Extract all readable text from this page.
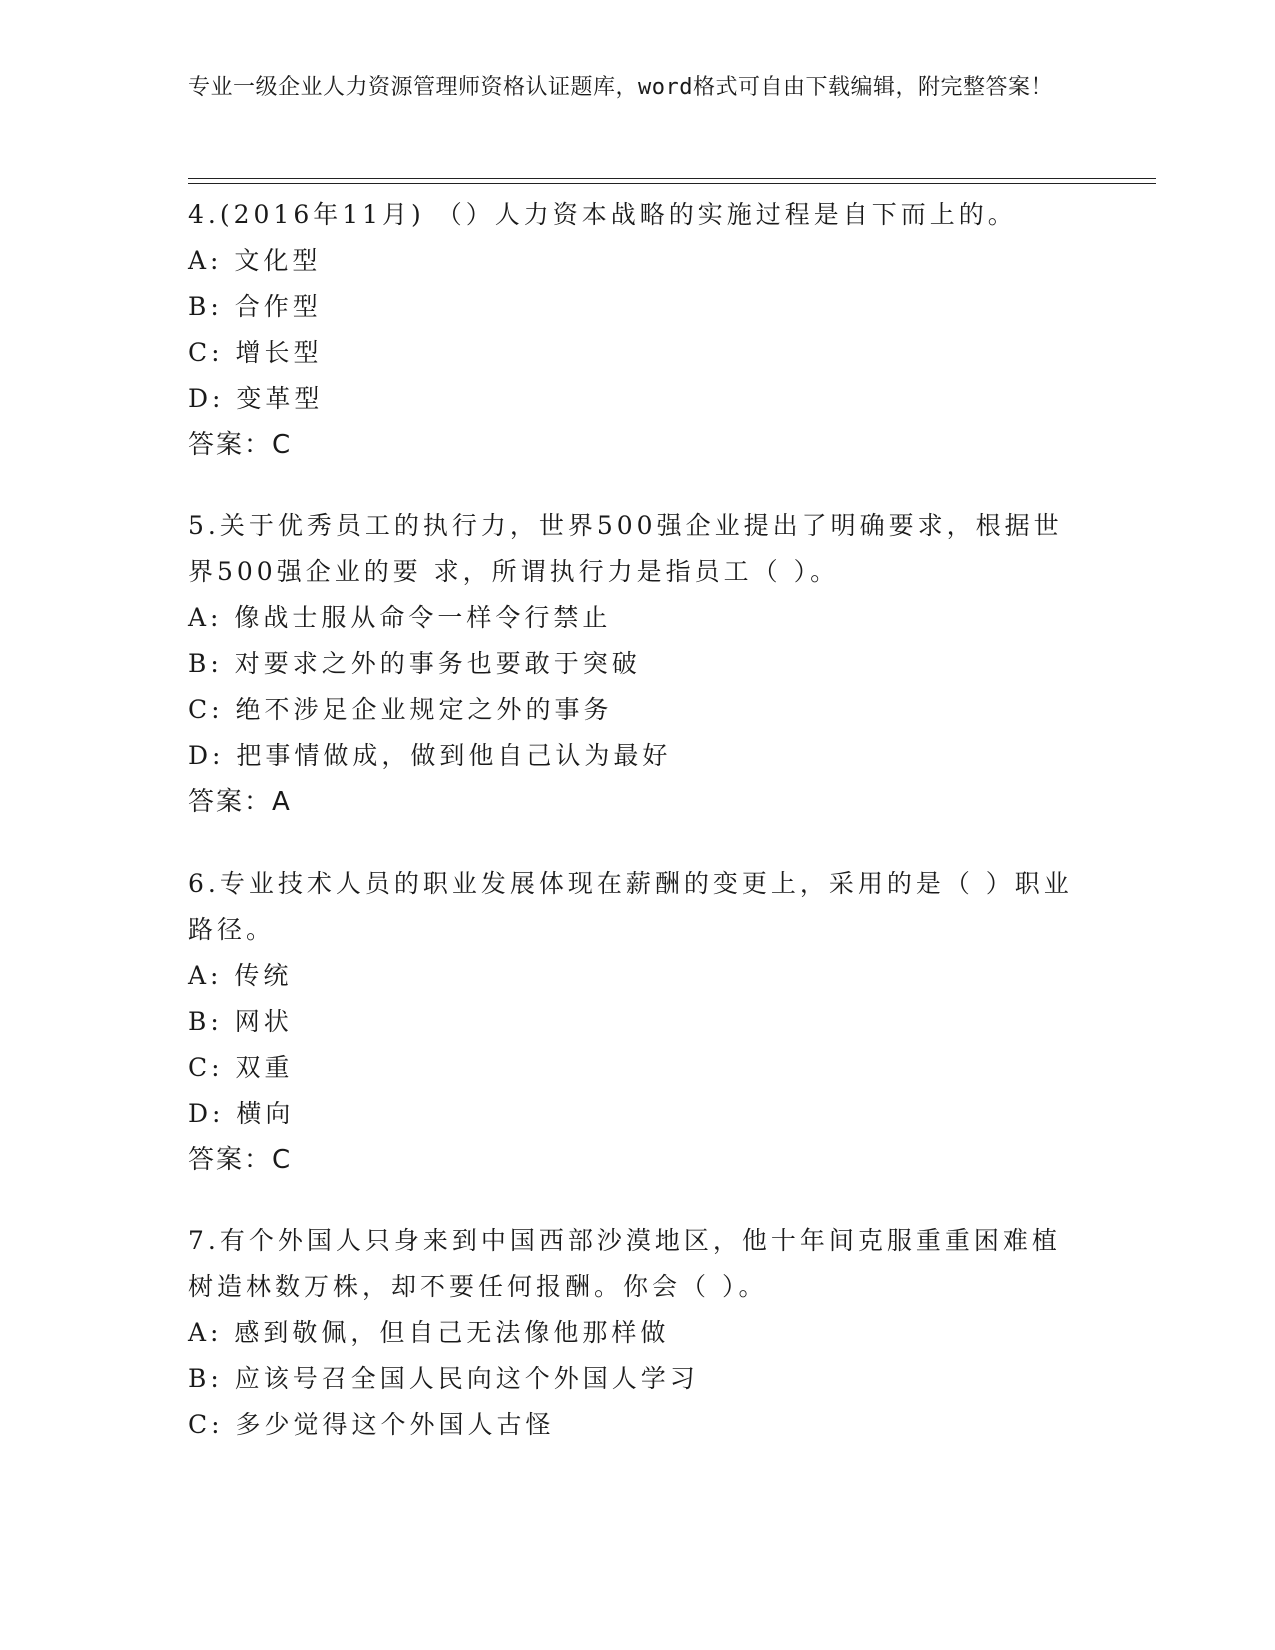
专业一级企业人力资源管理师资格认证题库，word格式可自由下载编辑，附完整答案！
4.(2016年11月) （）人力资本战略的实施过程是自下而上的。
A: 文化型
B: 合作型
C: 增长型
D: 变革型
答案：C
5.关于优秀员工的执行力，世界500强企业提出了明确要求，根据世
界500强企业的要 求，所谓执行力是指员工（ ）。
A: 像战士服从命令一样令行禁止
B: 对要求之外的事务也要敢于突破
C: 绝不涉足企业规定之外的事务
D: 把事情做成，做到他自己认为最好
答案：A
6.专业技术人员的职业发展体现在薪酬的变更上，采用的是（ ）职业
路径。
A: 传统
B: 网状
C: 双重
D: 横向
答案：C
7.有个外国人只身来到中国西部沙漠地区，他十年间克服重重困难植
树造林数万株，却不要任何报酬。你会（ ）。
A: 感到敬佩，但自己无法像他那样做
B: 应该号召全国人民向这个外国人学习
C: 多少觉得这个外国人古怪
